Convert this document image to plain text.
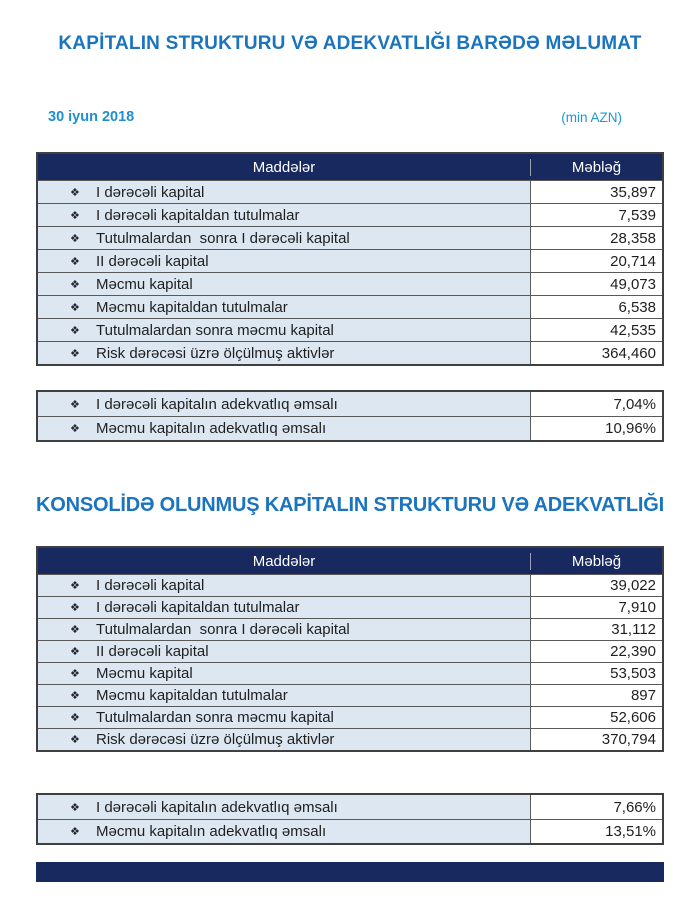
KAPİTALIN STRUKTURU VƏ ADEKVATLIĞI BARƏDƏ MƏLUMAT
30 iyun 2018	(min AZN)
Maddələr	Məbləğ
❖	I dərəcəli kapital	35,897
❖	I dərəcəli kapitaldan tutulmalar	7,539
❖	Tutulmalardan  sonra I dərəcəli kapital	28,358
❖	II dərəcəli kapital	20,714
❖	Məcmu kapital	49,073
❖	Məcmu kapitaldan tutulmalar	6,538
❖	Tutulmalardan sonra məcmu kapital	42,535
❖	Risk dərəcəsi üzrə ölçülmuş aktivlər	364,460
❖	I dərəcəli kapitalın adekvatlıq əmsalı	7,04%
❖	Məcmu kapitalın adekvatlıq əmsalı	10,96%
KONSOLİDƏ OLUNMUŞ KAPİTALIN STRUKTURU VƏ ADEKVATLIĞI
Maddələr	Məbləğ
❖	I dərəcəli kapital	39,022
❖	I dərəcəli kapitaldan tutulmalar	7,910
❖	Tutulmalardan  sonra I dərəcəli kapital	31,112
❖	II dərəcəli kapital	22,390
❖	Məcmu kapital	53,503
❖	Məcmu kapitaldan tutulmalar	897
❖	Tutulmalardan sonra məcmu kapital	52,606
❖	Risk dərəcəsi üzrə ölçülmuş aktivlər	370,794
❖	I dərəcəli kapitalın adekvatlıq əmsalı	7,66%
❖	Məcmu kapitalın adekvatlıq əmsalı	13,51%
